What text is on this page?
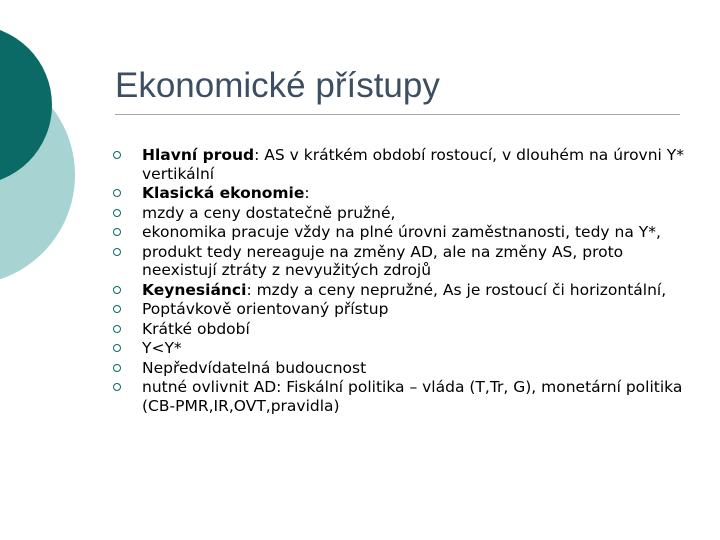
Ekonomické přístupy
Hlavní proud: AS v krátkém období rostoucí, v dlouhém na úrovni Y* vertikální
Klasická ekonomie:
mzdy a ceny dostatečně pružné,
ekonomika pracuje vždy na plné úrovni zaměstnanosti, tedy na Y*,
produkt tedy nereaguje na změny AD, ale na změny AS, proto neexistují ztráty z nevyužitých zdrojů
Keynesiánci: mzdy a ceny nepružné, As je rostoucí či horizontální,
Poptávkově orientovaný přístup
Krátké období
Y<Y*
Nepředvídatelná budoucnost
nutné ovlivnit AD: Fiskální politika – vláda (T,Tr, G), monetární politika (CB-PMR,IR,OVT,pravidla)
